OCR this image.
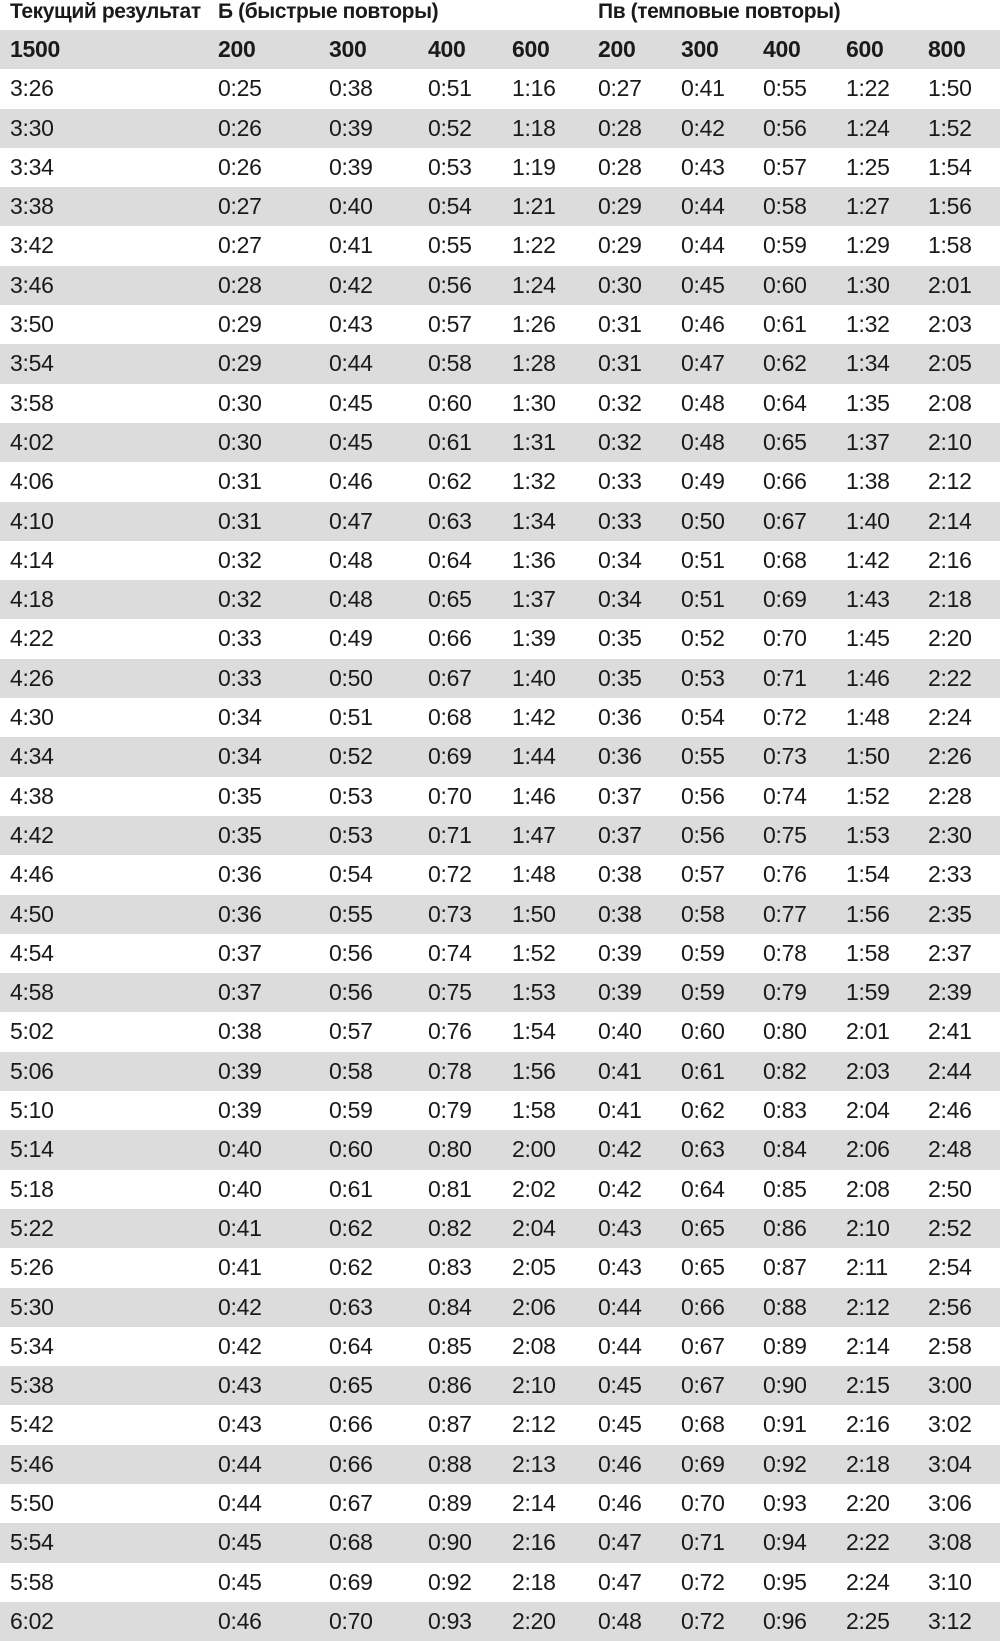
Текущий результат Б (быстрые повторы)	Пв (темповые повторы)
1500	200	300	400 600 200 300 400 600 800
3:26	0:25	0:38 0:51 1:16 0:27 0:41 0:55 1:22 1:50
3:30	0:26	0:39 0:52 1:18 0:28 0:42 0:56 1:24 1:52
3:34	0:26	0:39 0:53 1:19 0:28 0:43 0:57 1:25 1:54
3:38	0:27	0:40 0:54 1:21 0:29 0:44 0:58 1:27 1:56
3:42	0:27	0:41 0:55 1:22 0:29 0:44 0:59 1:29 1:58
3:46	0:28	0:42 0:56 1:24 0:30 0:45 0:60 1:30 2:01
3:50	0:29	0:43 0:57 1:26 0:31 0:46 0:61 1:32 2:03
3:54	0:29	0:44 0:58 1:28 0:31 0:47 0:62 1:34 2:05
3:58	0:30	0:45 0:60 1:30 0:32 0:48 0:64 1:35 2:08
4:02	0:30	0:45 0:61 1:31 0:32 0:48 0:65 1:37 2:10
4:06	0:31	0:46 0:62 1:32 0:33 0:49 0:66 1:38 2:12
4:10	0:31	0:47 0:63 1:34 0:33 0:50 0:67 1:40 2:14
4:14	0:32	0:48 0:64 1:36 0:34 0:51 0:68 1:42 2:16
4:18	0:32	0:48 0:65 1:37 0:34 0:51 0:69 1:43 2:18
4:22	0:33	0:49 0:66 1:39 0:35 0:52 0:70 1:45 2:20
4:26	0:33	0:50 0:67 1:40 0:35 0:53 0:71 1:46 2:22
4:30	0:34	0:51 0:68 1:42 0:36 0:54 0:72 1:48 2:24
4:34	0:34	0:52 0:69 1:44 0:36 0:55 0:73 1:50 2:26
4:38	0:35	0:53 0:70 1:46 0:37 0:56 0:74 1:52 2:28
4:42	0:35	0:53 0:71 1:47 0:37 0:56 0:75 1:53 2:30
4:46	0:36	0:54 0:72 1:48 0:38 0:57 0:76 1:54 2:33
4:50	0:36	0:55 0:73 1:50 0:38 0:58 0:77 1:56 2:35
4:54	0:37	0:56 0:74 1:52 0:39 0:59 0:78 1:58 2:37
4:58	0:37	0:56 0:75 1:53 0:39 0:59 0:79 1:59 2:39
5:02	0:38	0:57 0:76 1:54 0:40 0:60 0:80 2:01 2:41
5:06	0:39	0:58 0:78 1:56 0:41 0:61 0:82 2:03 2:44
5:10	0:39	0:59 0:79 1:58 0:41 0:62 0:83 2:04 2:46
5:14	0:40	0:60 0:80 2:00 0:42 0:63 0:84 2:06 2:48
5:18	0:40	0:61 0:81 2:02 0:42 0:64 0:85 2:08 2:50
5:22	0:41	0:62 0:82 2:04 0:43 0:65 0:86 2:10 2:52
5:26	0:41	0:62 0:83 2:05 0:43 0:65 0:87 2:11 2:54
5:30	0:42	0:63 0:84 2:06 0:44 0:66 0:88 2:12 2:56
5:34	0:42	0:64 0:85 2:08 0:44 0:67 0:89 2:14 2:58
5:38	0:43	0:65 0:86 2:10 0:45 0:67 0:90 2:15 3:00
5:42	0:43	0:66 0:87 2:12 0:45 0:68 0:91 2:16 3:02
5:46	0:44	0:66 0:88 2:13 0:46 0:69 0:92 2:18 3:04
5:50	0:44	0:67 0:89 2:14 0:46 0:70 0:93 2:20 3:06
5:54	0:45	0:68 0:90 2:16 0:47 0:71 0:94 2:22 3:08
5:58	0:45	0:69 0:92 2:18 0:47 0:72 0:95 2:24 3:10
6:02	0:46	0:70 0:93 2:20 0:48 0:72 0:96 2:25 3:12
